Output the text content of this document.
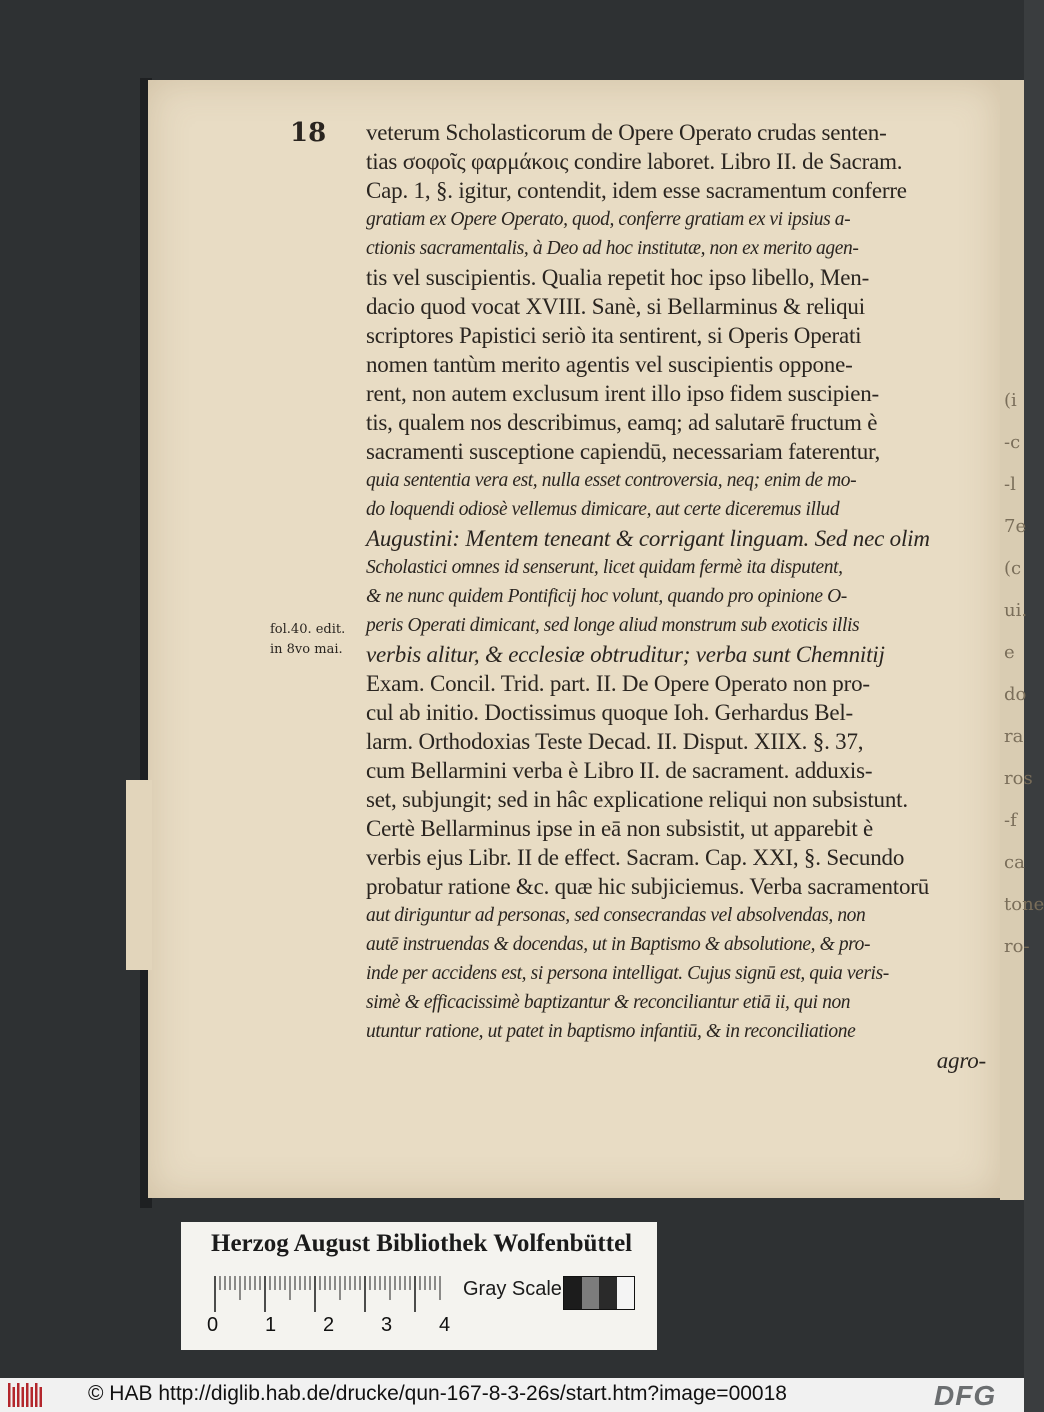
18
fol.40. edit.
in 8vo mai.
veterum Scholasticorum de Opere Operato crudas senten-
tias σοφοῖς φαρμάκοις condire laboret. Libro II. de Sacram.
Cap. 1, §. igitur, contendit, idem esse sacramentum conferre
gratiam ex Opere Operato, quod, conferre gratiam ex vi ipsius a-
ctionis sacramentalis, à Deo ad hoc institutæ, non ex merito agen-
tis vel suscipientis. Qualia repetit hoc ipso libello, Men-
dacio quod vocat XVIII. Sanè, si Bellarminus & reliqui
scriptores Papistici seriò ita sentirent, si Operis Operati
nomen tantùm merito agentis vel suscipientis oppone-
rent, non autem exclusum irent illo ipso fidem suscipien-
tis, qualem nos describimus, eamq; ad salutarē fructum è
sacramenti susceptione capiendū, necessariam faterentur,
quia sententia vera est, nulla esset controversia, neq; enim de mo-
do loquendi odiosè vellemus dimicare, aut certe diceremus illud
Augustini: Mentem teneant & corrigant linguam. Sed nec olim
Scholastici omnes id senserunt, licet quidam fermè ita disputent,
& ne nunc quidem Pontificij hoc volunt, quando pro opinione O-
peris Operati dimicant, sed longe aliud monstrum sub exoticis illis
verbis alitur, & ecclesiæ obtruditur; verba sunt Chemnitij
Exam. Concil. Trid. part. II. De Opere Operato non pro-
cul ab initio. Doctissimus quoque Ioh. Gerhardus Bel-
larm. Orthodoxias Teste Decad. II. Disput. XIIX. §. 37,
cum Bellarmini verba è Libro II. de sacrament. adduxis-
set, subjungit; sed in hâc explicatione reliqui non subsistunt.
Certè Bellarminus ipse in eā non subsistit, ut apparebit è
verbis ejus Libr. II de effect. Sacram. Cap. XXI, §. Secundo
probatur ratione &c. quæ hic subjiciemus. Verba sacramentorū
aut diriguntur ad personas, sed consecrandas vel absolvendas, non
autē instruendas & docendas, ut in Baptismo & absolutione, & pro-
inde per accidens est, si persona intelligat. Cujus signū est, quia veris-
simè & efficacissimè baptizantur & reconciliantur etiā ii, qui non
utuntur ratione, ut patet in baptismo infantiū, & in reconciliatione
agro-
(i
-c
-l
7e
(c
ui.
e
do
ra
ros
-f
ca
tone
ro-
Herzog August Bibliothek Wolfenbüttel
0 1 2 3 4
Gray Scale
© HAB http://diglib.hab.de/drucke/qun-167-8-3-26s/start.htm?image=00018	DFG
